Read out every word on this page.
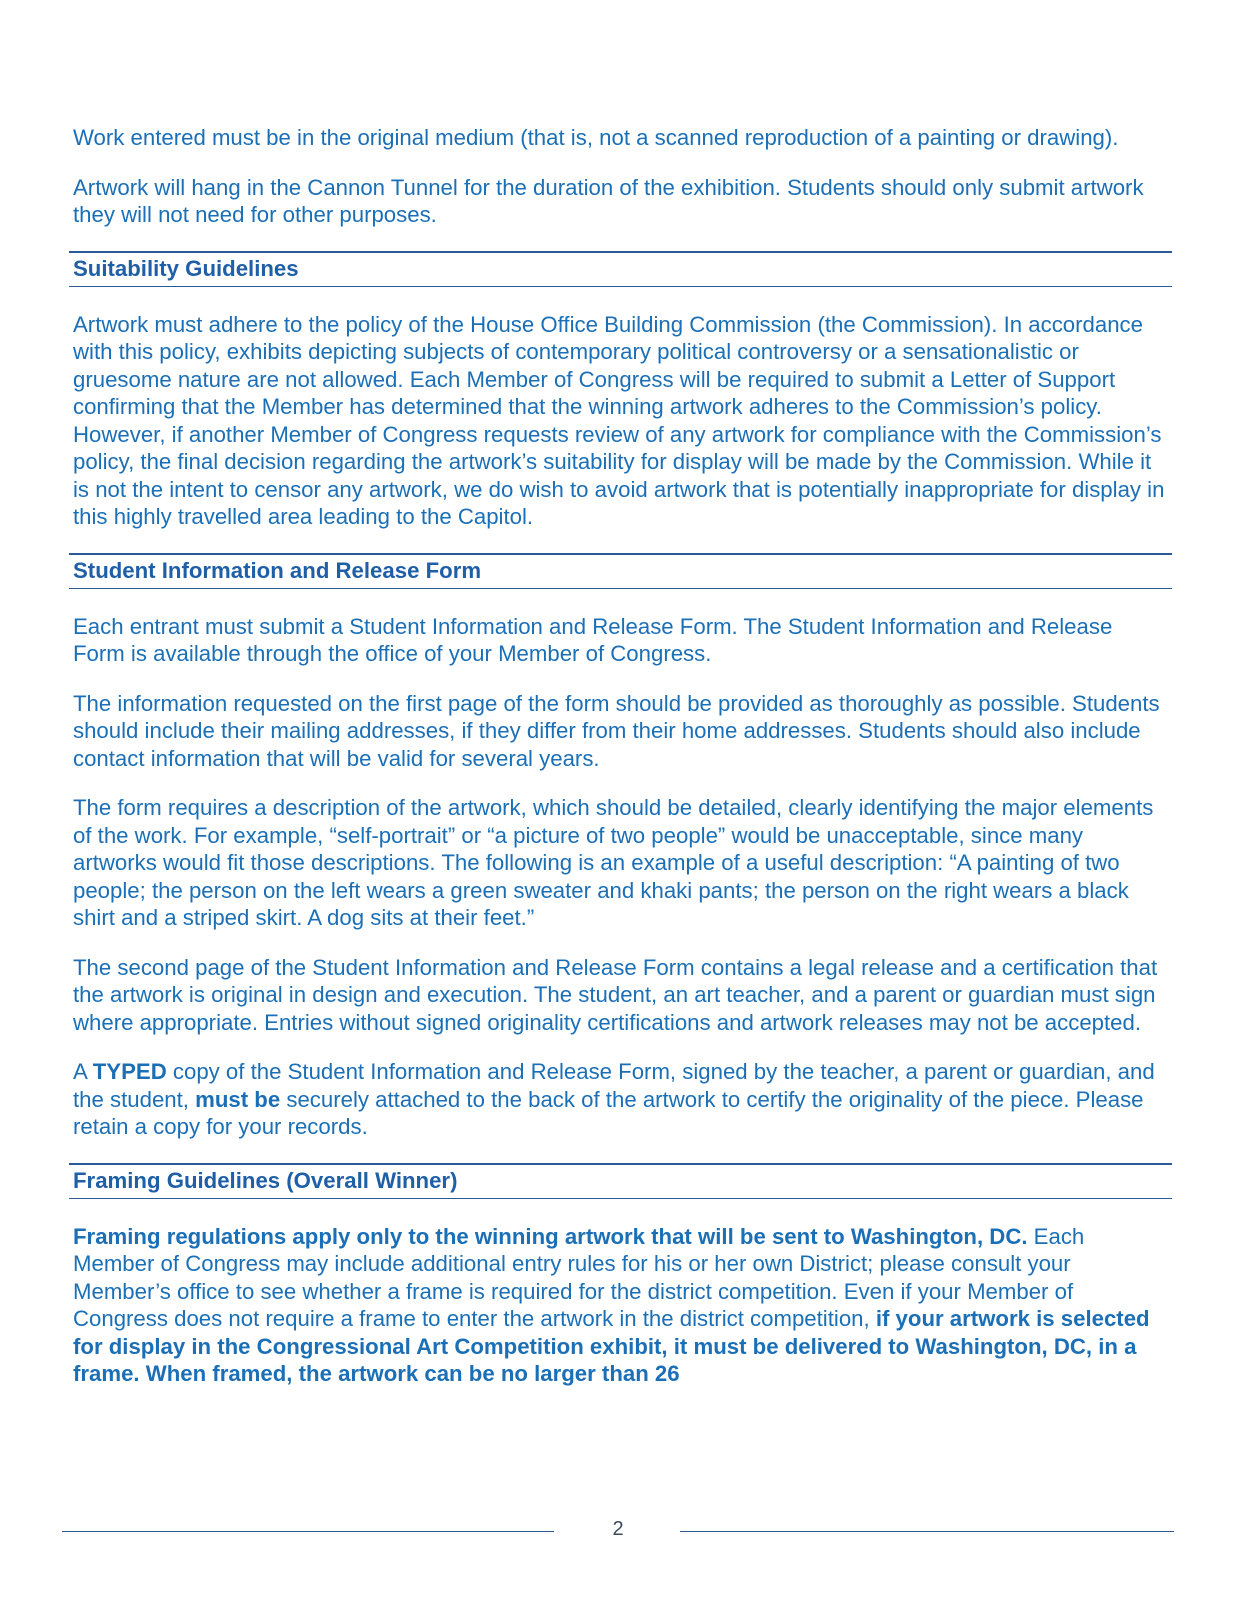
Work entered must be in the original medium (that is, not a scanned reproduction of a painting or drawing).

Artwork will hang in the Cannon Tunnel for the duration of the exhibition. Students should only submit artwork they will not need for other purposes.

Suitability Guidelines

Artwork must adhere to the policy of the House Office Building Commission (the Commission). In accordance with this policy, exhibits depicting subjects of contemporary political controversy or a sensationalistic or gruesome nature are not allowed. Each Member of Congress will be required to submit a Letter of Support confirming that the Member has determined that the winning artwork adheres to the Commission’s policy. However, if another Member of Congress requests review of any artwork for compliance with the Commission’s policy, the final decision regarding the artwork’s suitability for display will be made by the Commission. While it is not the intent to censor any artwork, we do wish to avoid artwork that is potentially inappropriate for display in this highly travelled area leading to the Capitol.

Student Information and Release Form

Each entrant must submit a Student Information and Release Form. The Student Information and Release Form is available through the office of your Member of Congress.

The information requested on the first page of the form should be provided as thoroughly as possible. Students should include their mailing addresses, if they differ from their home addresses. Students should also include contact information that will be valid for several years.

The form requires a description of the artwork, which should be detailed, clearly identifying the major elements of the work. For example, “self-portrait” or “a picture of two people” would be unacceptable, since many artworks would fit those descriptions. The following is an example of a useful description: “A painting of two people; the person on the left wears a green sweater and khaki pants; the person on the right wears a black shirt and a striped skirt. A dog sits at their feet.”

The second page of the Student Information and Release Form contains a legal release and a certification that the artwork is original in design and execution. The student, an art teacher, and a parent or guardian must sign where appropriate. Entries without signed originality certifications and artwork releases may not be accepted.

A TYPED copy of the Student Information and Release Form, signed by the teacher, a parent or guardian, and the student, must be securely attached to the back of the artwork to certify the originality of the piece. Please retain a copy for your records.

Framing Guidelines (Overall Winner)

Framing regulations apply only to the winning artwork that will be sent to Washington, DC. Each Member of Congress may include additional entry rules for his or her own District; please consult your Member’s office to see whether a frame is required for the district competition. Even if your Member of Congress does not require a frame to enter the artwork in the district competition, if your artwork is selected for display in the Congressional Art Competition exhibit, it must be delivered to Washington, DC, in a frame. When framed, the artwork can be no larger than 26

2
